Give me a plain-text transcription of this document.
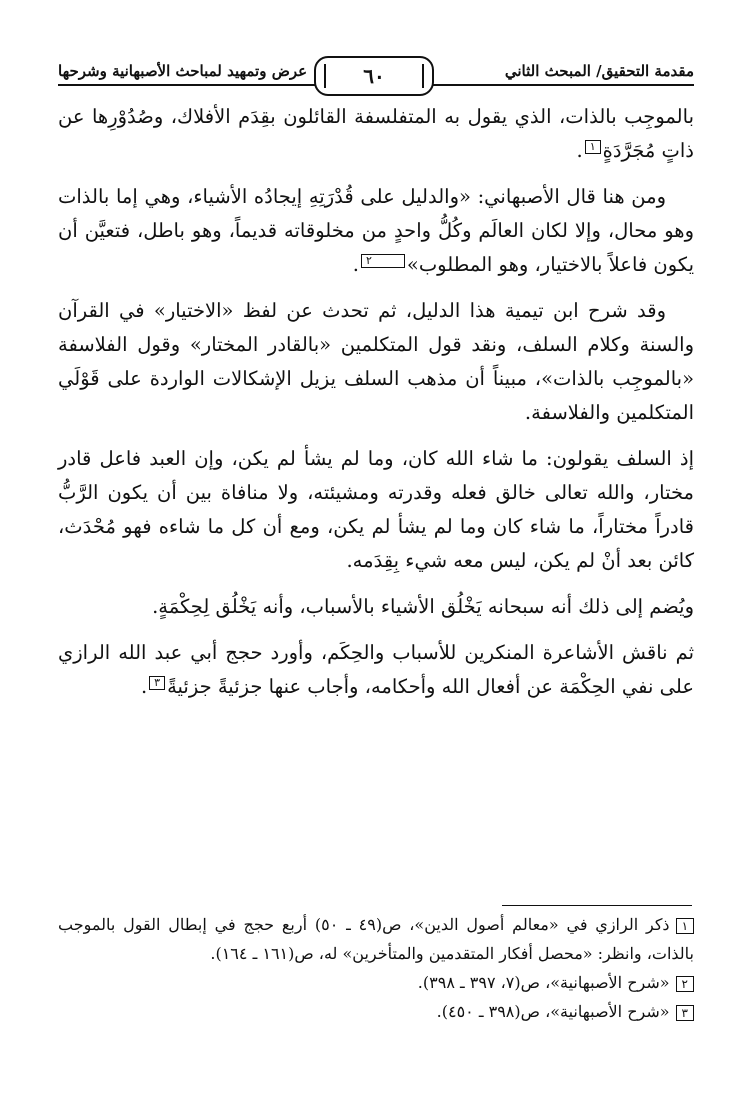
مقدمة التحقيق/ المبحث الثاني
٦٠
عرض وتمهيد لمباحث الأصبهانية وشرحها

بالموجِب بالذات، الذي يقول به المتفلسفة القائلون بقِدَم الأفلاك، وصُدُوْرِها عن ذاتٍ مُجَرَّدَةٍ١.

ومن هنا قال الأصبهاني: «والدليل على قُدْرَتِهِ إيجادُه الأشياء، وهي إما بالذات وهو محال، وإلا لكان العالَم وكُلُّ واحدٍ من مخلوقاته قديماً، وهو باطل، فتعيَّن أن يكون فاعلاً بالاختيار، وهو المطلوب»٢.

وقد شرح ابن تيمية هذا الدليل، ثم تحدث عن لفظ «الاختيار» في القرآن والسنة وكلام السلف، ونقد قول المتكلمين «بالقادر المختار» وقول الفلاسفة «بالموجِب بالذات»، مبيناً أن مذهب السلف يزيل الإشكالات الواردة على قَوْلَي المتكلمين والفلاسفة.

إذ السلف يقولون: ما شاء الله كان، وما لم يشأ لم يكن، وإن العبد فاعل قادر مختار، والله تعالى خالق فعله وقدرته ومشيئته، ولا منافاة بين أن يكون الرَّبُّ قادراً مختاراً، ما شاء كان وما لم يشأ لم يكن، ومع أن كل ما شاءه فهو مُحْدَث، كائن بعد أنْ لم يكن، ليس معه شيء بِقِدَمه.

ويُضم إلى ذلك أنه سبحانه يَخْلُق الأشياء بالأسباب، وأنه يَخْلُق لِحِكْمَةٍ.

ثم ناقش الأشاعرة المنكرين للأسباب والحِكَم، وأورد حجج أبي عبد الله الرازي على نفي الحِكْمَة عن أفعال الله وأحكامه، وأجاب عنها جزئيةً جزئيةً٣.

١ذكر الرازي في «معالم أصول الدين»، ص(٤٩ ـ ٥٠) أربع حجج في إبطال القول بالموجب بالذات، وانظر: «محصل أفكار المتقدمين والمتأخرين» له، ص(١٦١ ـ ١٦٤).

٢«شرح الأصبهانية»، ص(٧، ٣٩٧ ـ ٣٩٨).

٣«شرح الأصبهانية»، ص(٣٩٨ ـ ٤٥٠).
